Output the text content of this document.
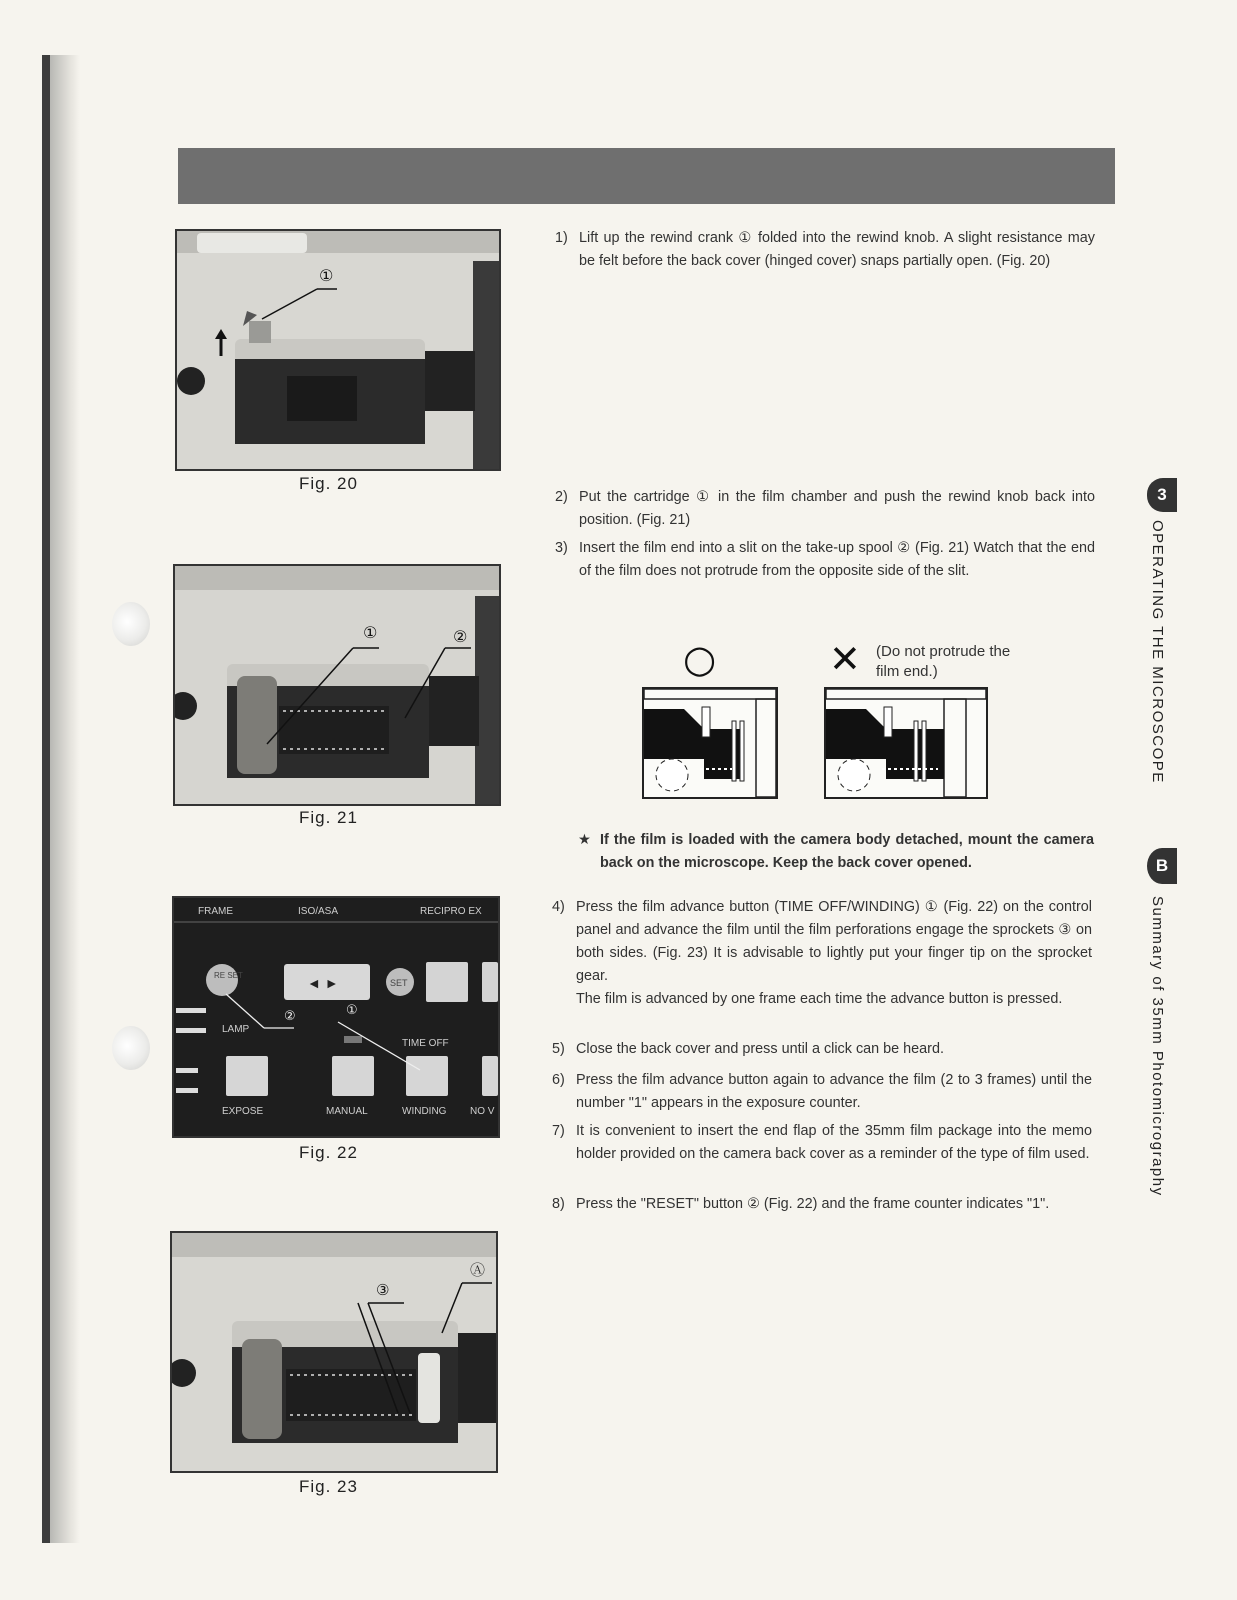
①
Fig. 20
①	②
Fig. 21
FRAME	ISO/ASA	RECIPRO EX
RE SET	◄ ►	SET
LAMP
TIME OFF
EXPOSE	MANUAL	WINDING NO V
②	①
Fig. 22
③
Ⓐ
Fig. 23
1) Lift up the rewind crank ① folded into the rewind knob. A slight resistance may be felt before the back cover (hinged cover) snaps partially open. (Fig. 20)
2) Put the cartridge ① in the film chamber and push the rewind knob back into position. (Fig. 21)
3) Insert the film end into a slit on the take-up spool ② (Fig. 21) Watch that the end of the film does not protrude from the opposite side of the slit.
○	✕ (Do not protrude the film end.)
★ If the film is loaded with the camera body detached, mount the camera back on the microscope. Keep the back cover opened.
4) Press the film advance button (TIME OFF/WINDING) ① (Fig. 22) on the control panel and advance the film until the film perforations engage the sprockets ③ on both sides. (Fig. 23) It is advisable to lightly put your finger tip on the sprocket gear.
The film is advanced by one frame each time the advance button is pressed.
5) Close the back cover and press until a click can be heard.
6) Press the film advance button again to advance the film (2 to 3 frames) until the number "1" appears in the exposure counter.
7) It is convenient to insert the end flap of the 35mm film package into the memo holder provided on the camera back cover as a reminder of the type of film used.
8) Press the "RESET" button ② (Fig. 22) and the frame counter indicates "1".
3
OPERATING THE MICROSCOPE
B
Summary of 35mm Photomicrography
